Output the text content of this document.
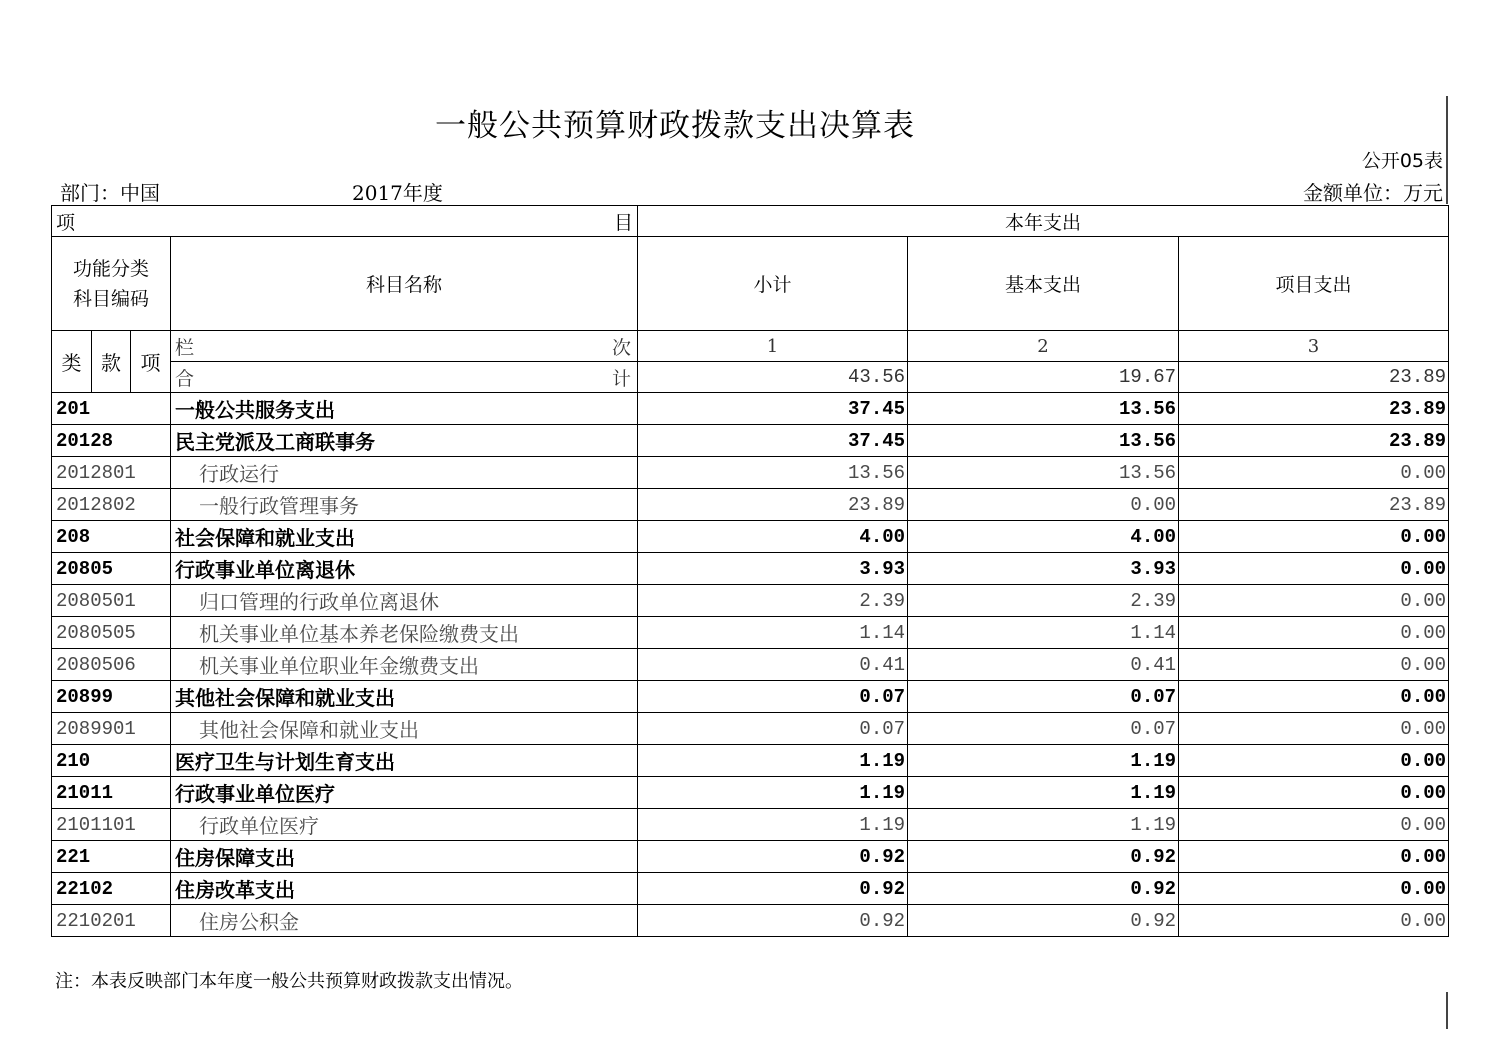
一般公共预算财政拨款支出决算表
公开05表
部门：中国	2017年度	金额单位：万元
项 目				本年支出		

功能分类
科目编码			科目名称	小计	基本支出	项目支出
类	款	项	栏 次	1	2	3

			合 计	43.56	19.67	23.89
201			一般公共服务支出	37.45	13.56	23.89
20128			民主党派及工商联事务	37.45	13.56	23.89
2012801			行政运行	13.56	13.56	0.00
2012802			一般行政管理事务	23.89	0.00	23.89
208			社会保障和就业支出	4.00	4.00	0.00
20805			行政事业单位离退休	3.93	3.93	0.00
2080501			归口管理的行政单位离退休	2.39	2.39	0.00
2080505			机关事业单位基本养老保险缴费支出	1.14	1.14	0.00
2080506			机关事业单位职业年金缴费支出	0.41	0.41	0.00
20899			其他社会保障和就业支出	0.07	0.07	0.00
2089901			其他社会保障和就业支出	0.07	0.07	0.00
210			医疗卫生与计划生育支出	1.19	1.19	0.00
21011			行政事业单位医疗	1.19	1.19	0.00
2101101			行政单位医疗	1.19	1.19	0.00
221			住房保障支出	0.92	0.92	0.00
22102			住房改革支出	0.92	0.92	0.00
2210201			住房公积金	0.92	0.92	0.00
注：本表反映部门本年度一般公共预算财政拨款支出情况。
